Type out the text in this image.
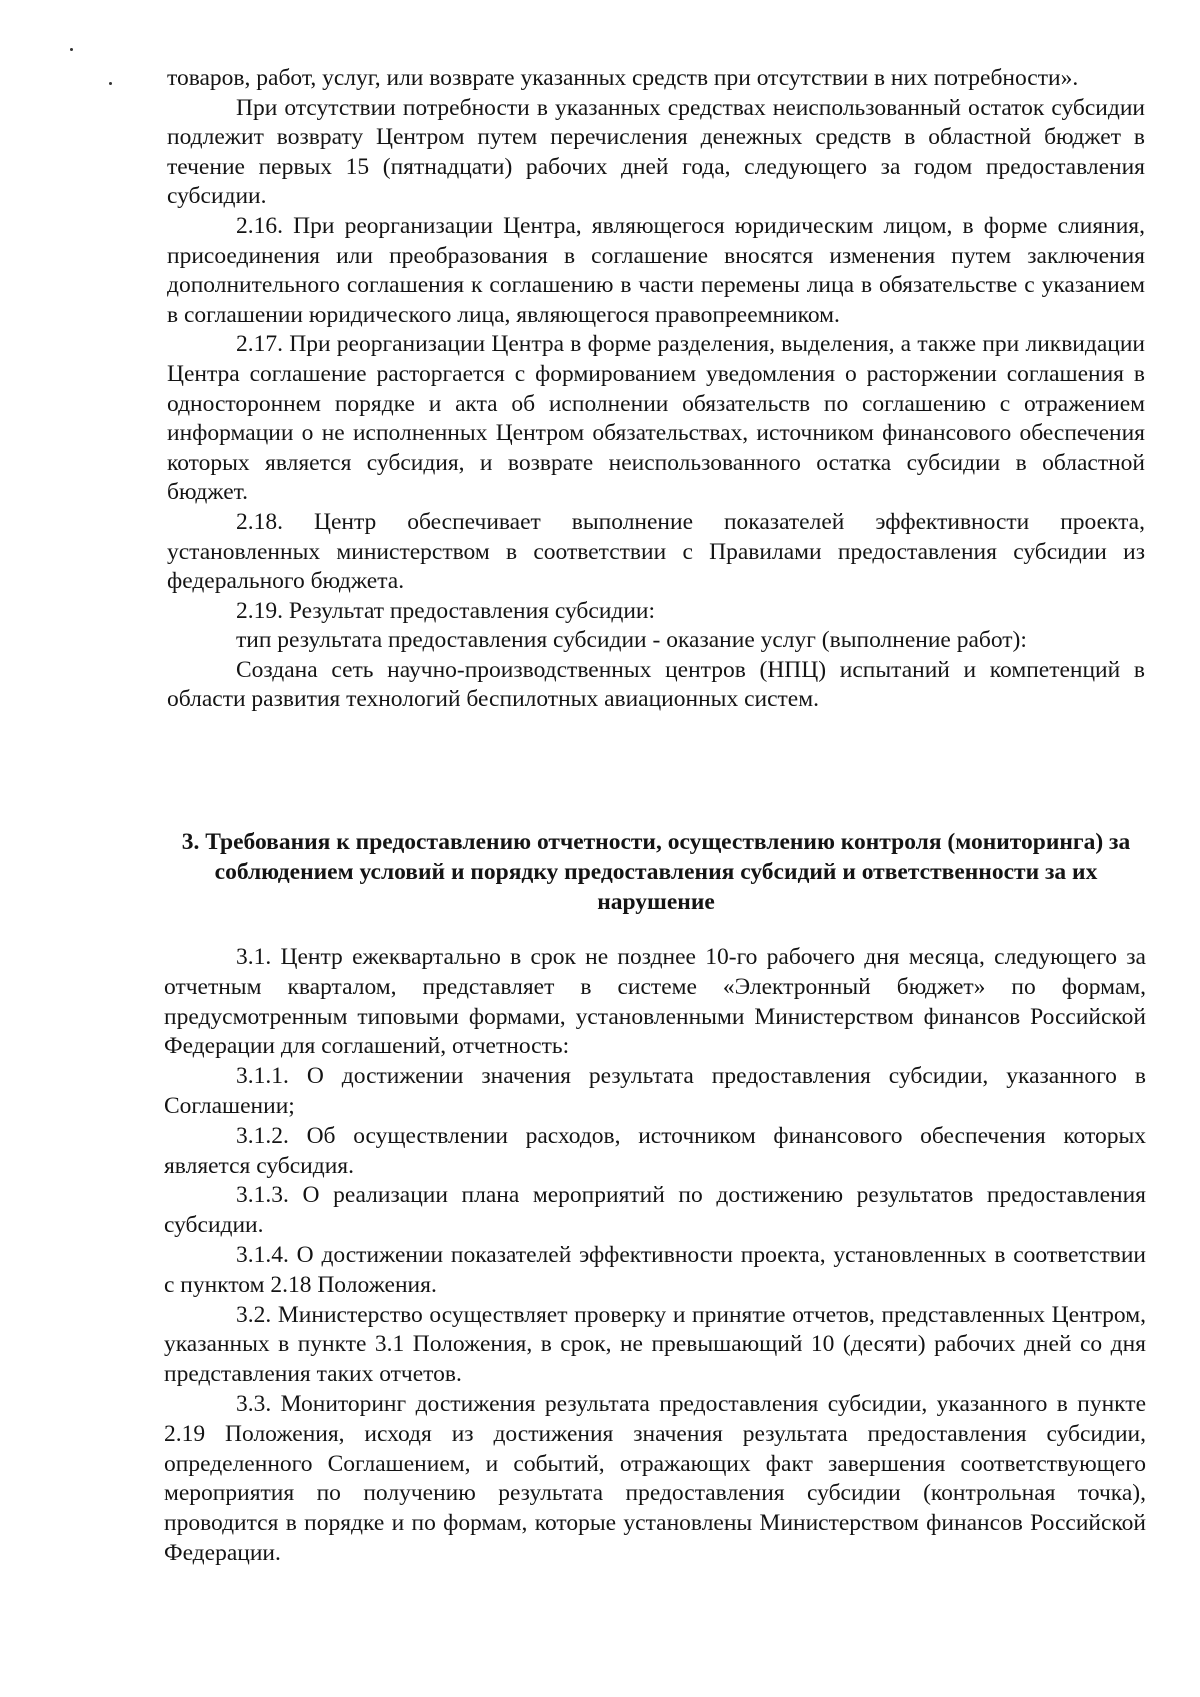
товаров, работ, услуг, или возврате указанных средств при отсутствии в них потребности».

При отсутствии потребности в указанных средствах неиспользованный остаток субсидии подлежит возврату Центром путем перечисления денежных средств в областной бюджет в течение первых 15 (пятнадцати) рабочих дней года, следующего за годом предоставления субсидии.

2.16. При реорганизации Центра, являющегося юридическим лицом, в форме слияния, присоединения или преобразования в соглашение вносятся изменения путем заключения дополнительного соглашения к соглашению в части перемены лица в обязательстве с указанием в соглашении юридического лица, являющегося правопреемником.

2.17. При реорганизации Центра в форме разделения, выделения, а также при ликвидации Центра соглашение расторгается с формированием уведомления о расторжении соглашения в одностороннем порядке и акта об исполнении обязательств по соглашению с отражением информации о не исполненных Центром обязательствах, источником финансового обеспечения которых является субсидия, и возврате неиспользованного остатка субсидии в областной бюджет.

2.18. Центр обеспечивает выполнение показателей эффективности проекта, установленных министерством в соответствии с Правилами предоставления субсидии из федерального бюджета.

2.19. Результат предоставления субсидии:

тип результата предоставления субсидии - оказание услуг (выполнение работ):

Создана сеть научно-производственных центров (НПЦ) испытаний и компетенций в области развития технологий беспилотных авиационных систем.

3. Требования к предоставлению отчетности, осуществлению контроля (мониторинга) за соблюдением условий и порядку предоставления субсидий и ответственности за их нарушение

3.1. Центр ежеквартально в срок не позднее 10-го рабочего дня месяца, следующего за отчетным кварталом, представляет в системе «Электронный бюджет» по формам, предусмотренным типовыми формами, установленными Министерством финансов Российской Федерации для соглашений, отчетность:

3.1.1. О достижении значения результата предоставления субсидии, указанного в Соглашении;

3.1.2. Об осуществлении расходов, источником финансового обеспечения которых является субсидия.

3.1.3. О реализации плана мероприятий по достижению результатов предоставления субсидии.

3.1.4. О достижении показателей эффективности проекта, установленных в соответствии с пунктом 2.18 Положения.

3.2. Министерство осуществляет проверку и принятие отчетов, представленных Центром, указанных в пункте 3.1 Положения, в срок, не превышающий 10 (десяти) рабочих дней со дня представления таких отчетов.

3.3. Мониторинг достижения результата предоставления субсидии, указанного в пункте 2.19 Положения, исходя из достижения значения результата предоставления субсидии, определенного Соглашением, и событий, отражающих факт завершения соответствующего мероприятия по получению результата предоставления субсидии (контрольная точка), проводится в порядке и по формам, которые установлены Министерством финансов Российской Федерации.
